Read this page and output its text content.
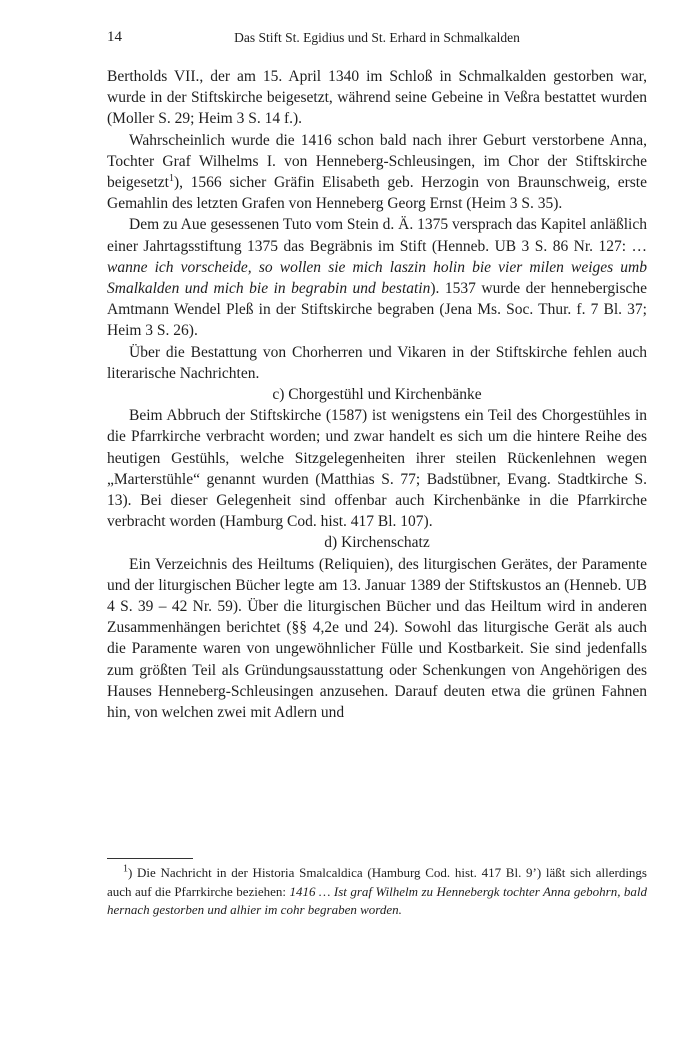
14	Das Stift St. Egidius und St. Erhard in Schmalkalden

Bertholds VII., der am 15. April 1340 im Schloß in Schmalkalden gestorben war, wurde in der Stiftskirche beigesetzt, während seine Gebeine in Veßra bestattet wurden (Moller S. 29; Heim 3 S. 14 f.).

Wahrscheinlich wurde die 1416 schon bald nach ihrer Geburt verstorbene Anna, Tochter Graf Wilhelms I. von Henneberg-Schleusingen, im Chor der Stiftskirche beigesetzt$^1$), 1566 sicher Gräfin Elisabeth geb. Herzogin von Braunschweig, erste Gemahlin des letzten Grafen von Henneberg Georg Ernst (Heim 3 S. 35).

Dem zu Aue gesessenen Tuto vom Stein d. Ä. 1375 versprach das Kapitel anläßlich einer Jahrtagsstiftung 1375 das Begräbnis im Stift (Henneb. UB 3 S. 86 Nr. 127: … wanne ich vorscheide, so wollen sie mich laszin holin bie vier milen weiges umb Smalkalden und mich bie in begrabin und bestatin). 1537 wurde der hennebergische Amtmann Wendel Pleß in der Stiftskirche begraben (Jena Ms. Soc. Thur. f. 7 Bl. 37; Heim 3 S. 26).

Über die Bestattung von Chorherren und Vikaren in der Stiftskirche fehlen auch literarische Nachrichten.

c) Chorgestühl und Kirchenbänke

Beim Abbruch der Stiftskirche (1587) ist wenigstens ein Teil des Chorgestühles in die Pfarrkirche verbracht worden; und zwar handelt es sich um die hintere Reihe des heutigen Gestühls, welche Sitzgelegenheiten ihrer steilen Rückenlehnen wegen „Marterstühle“ genannt wurden (Matthias S. 77; Badstübner, Evang. Stadtkirche S. 13). Bei dieser Gelegenheit sind offenbar auch Kirchenbänke in die Pfarrkirche verbracht worden (Hamburg Cod. hist. 417 Bl. 107).

d) Kirchenschatz

Ein Verzeichnis des Heiltums (Reliquien), des liturgischen Gerätes, der Paramente und der liturgischen Bücher legte am 13. Januar 1389 der Stiftskustos an (Henneb. UB 4 S. 39 – 42 Nr. 59). Über die liturgischen Bücher und das Heiltum wird in anderen Zusammenhängen berichtet (§§ 4,2e und 24). Sowohl das liturgische Gerät als auch die Paramente waren von ungewöhnlicher Fülle und Kostbarkeit. Sie sind jedenfalls zum größten Teil als Gründungsausstattung oder Schenkungen von Angehörigen des Hauses Henneberg-Schleusingen anzusehen. Darauf deuten etwa die grünen Fahnen hin, von welchen zwei mit Adlern und

$^1$) Die Nachricht in der Historia Smalcaldica (Hamburg Cod. hist. 417 Bl. 9’) läßt sich allerdings auch auf die Pfarrkirche beziehen: 1416 … Ist graf Wilhelm zu Hennebergk tochter Anna gebohrn, bald hernach gestorben und alhier im cohr begraben worden.
